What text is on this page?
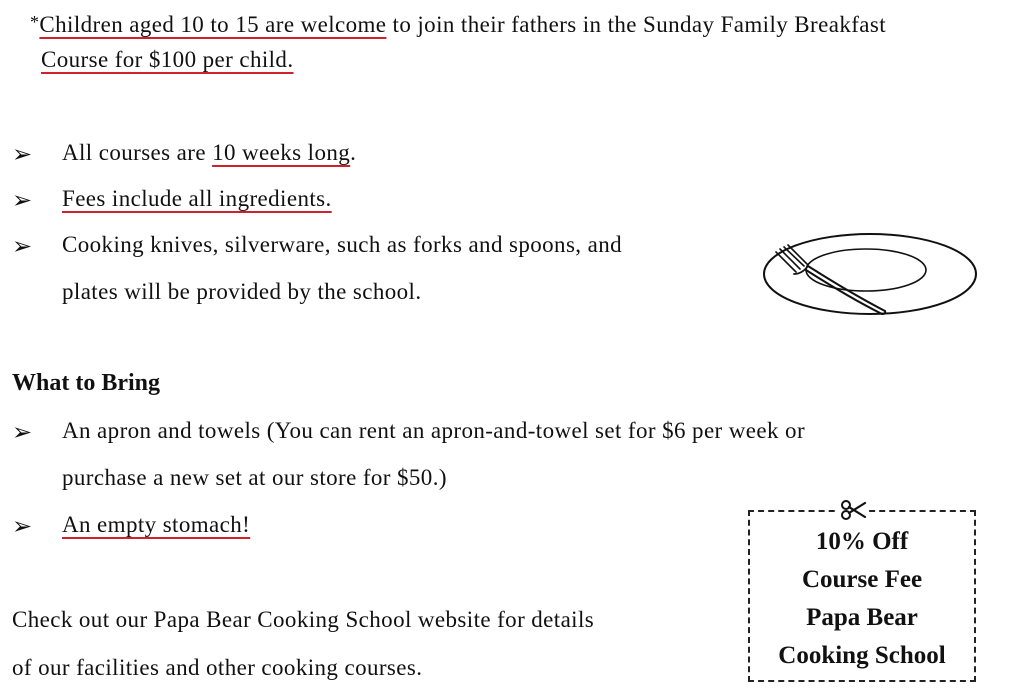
*Children aged 10 to 15 are welcome to join their fathers in the Sunday Family Breakfast
Course for $100 per child.
➢ All courses are 10 weeks long.
➢ Fees include all ingredients.
➢ Cooking knives, silverware, such as forks and spoons, and
plates will be provided by the school.
What to Bring
➢ An apron and towels (You can rent an apron-and-towel set for $6 per week or
purchase a new set at our store for $50.)
➢ An empty stomach!
Check out our Papa Bear Cooking School website for details
of our facilities and other cooking courses.
10% Off
Course Fee
Papa Bear
Cooking School
